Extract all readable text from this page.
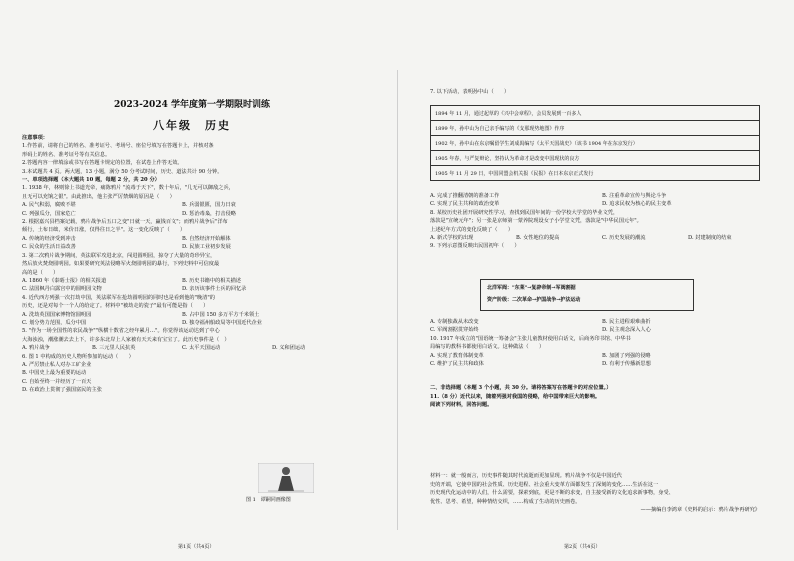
2023-2024 学年度第一学期限时训练
八年级　历史
注意事项：
1.作答前，请将自己的姓名、准考证号、考场号、座位号填写在答题卡上，并核对条
形码上的姓名、准考证号等有关信息。
2.答题内容一律填涂或书写在答题卡规定的位置，在试卷上作答无效。
3.本试题共 4 页。两大题，13 小题，满分 50 分考试时间，历史、道法共计 90 分钟。
一、单项选择题（本大题共 10 题，每题 2 分，共 20 分）
1. 1938 年，林则徐上书道光帝，痛陈鸦片 "流毒于天下"，数十年后，"几无可以御敌之兵，
且无可以充饷之银"。由此推出，他主张严厉禁烟的原因是（　　）
A. 民气积弱，腐败不堪	B. 兵弱银匮，国力日衰
C. 列强瓜分，国家危亡	D. 惩治毒枭，打击侵略
2. 根据嘉兴县档案记载，鸦片战争后五口之变"日就一天，赢钱百文"；而鸦片战争后"洋布
倾行，土布日绌，米价日涨，仅得往日之半"。这一变化反映了（　　）
A. 传统的经济受到冲击	B. 自然经济开始解体
C. 民众的生活日益改善	D. 民族工业初步发展
3. 第二次鸦片战争期间，英法联军攻进北京，闯进圆明园，掠夺了大量的奇珍异宝，
然后放火焚烧圆明园。如果要研究英法侵略军火烧圆明园的暴行，下列史料中可信度最
高的是（　　）
A. 1860 年《泰晤士报》的相关报道	B. 历史书籍中的相关描述
C. 法国枫丹白露宫中的圆明园文物	D. 亲历该事件士兵的回忆录
4. 近代西方列强一次打劫中国，英法联军在抢劫圆明园的同时也是看到他的"晚清"的
历史，还是对每个一个人的给定了。材料中"被劫走的瓷子"最有可能是指（　　）
A. 洗劫英国国家博物馆圆明园	B. 占中国 150 多万平方千米领土
C. 划分势力范围，瓜分中国	D. 独夺福州船政局等中国近代企业
5. "作为一场全国性的农民战争""纵横十数省之经年累月…"。你觉得该运动达到了中心
大海浊浊，潮涨潮去去上下，许多东北岸上人家被有天天来有宝宝了。此历史事件是（　）
A. 鸦片战争	B. 三元里人民抗英	C. 太平天国运动	D. 义和团运动
6. 图 1 中构成的历史人物所参加的运动（　　）
A. 严厉禁止私人对办工矿企业
B. 中国史上最为重要的运动
C. 自始至终一并经历了一百天
D. 在政治上贯彻了强国富民的主张
图 1　谭嗣同画像图
第1页（共4页）
7. 以下活动，表明孙中山（　　）
1894 年 11 月，通过起草的《兴中会章程》，会员发展到一百多人
1899 年，孙中山为自己亲手编写的《支那现势地图》作序
1902 年，孙中山在东京嘱留学生刘成禺编写《太平天国战史》（该书 1904 年在东京发行）
1905 年春，与严复辩论，坚持认为革命才是改变中国现状的良方
1905 年 11 月 29 日，中国同盟会机关报《民报》在日本东京正式发行
A. 完成了推翻清朝的准备工作	B. 注重革命宣传与舆论斗争
C. 实现了民主共和的政治变革	D. 追求民权为核心的民主变革
8. 某校历史社团开展研究性学习，查找到民国年间的一份学校大学堂的毕业文凭，
落款是"宣统元年"；另一张是京师第一蒙养院现设女子小学堂文凭，落款是"中华民国元年"。
上述纪年方式的变化反映了（　　）
A. 新式学校的出现	B. 女性地位的提高	C. 历史发展的潮流	D. 封建制度的结束
9. 下列示意图反映出民国初年（　　）
北洋军阀："东莱"→复辟帝制→军阀割据
资产阶级：二次革命→护国战争→护法运动
A. 专制独裁从未改变	B. 民主进程艰难曲折
C. 军阀割据贯穿始终	D. 民主观念深入人心
10. 1917 年成立的"国语统一筹备会"主张儿童教材使用白话文，后商务印书馆、中华书
局编写的教科书都使用白话文。这种做法（　　）
A. 实现了教育体制变革	B. 加剧了列强的侵略
C. 维护了民主共和政体	D. 有利于传播新思想
二、非选择题（本题 3 个小题，共 30 分。请将答案写在答题卡的对应位置。）
11.（8 分）近代以来，随着列强对我国的侵略，给中国带来巨大的影响。
阅读下列材料，回答问题。
材料一：就一般而言，历史事件随其时代流逝而更加显现。鸦片战争不仅是中国近代
史的开端，它使中国的社会性质、历史进程、社会重大变革方面都发生了深刻的变化……生活在这一
历史现代化运动中的人们，什么需要，探索到底，更是不断的求变，自主接受新的文化追求新事物，身受、
优性、思考、希望，种种情结交织，……构成了生动的历史画卷。
——摘编自李鸿章《史料的启示：鸦片战争再研究》
第2页（共4页）
